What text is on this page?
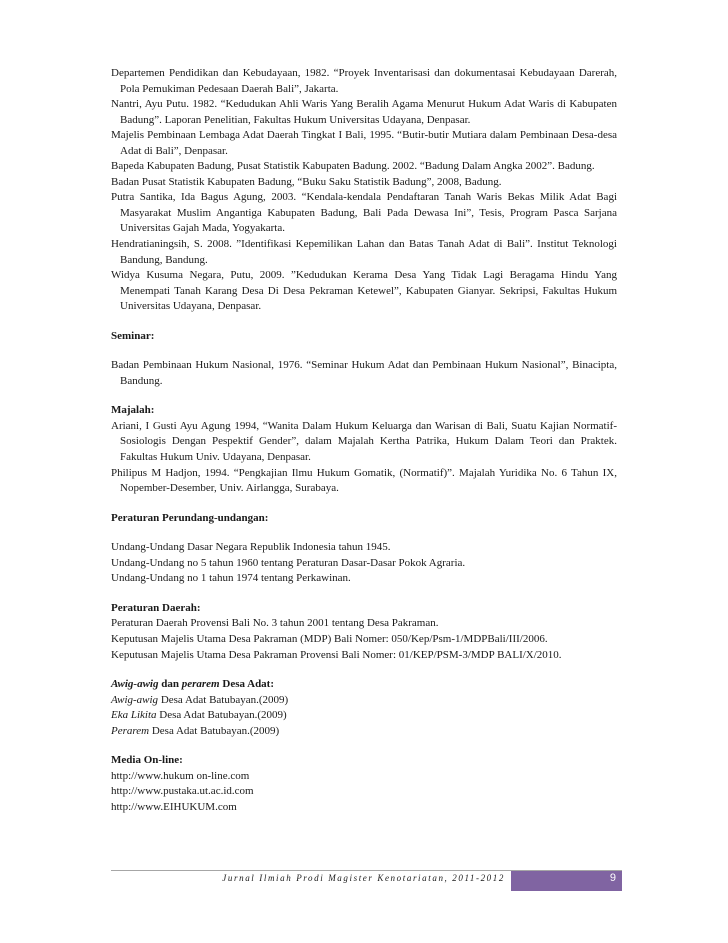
Departemen Pendidikan dan Kebudayaan, 1982. “Proyek Inventarisasi dan dokumentasai Kebudayaan Darerah, Pola Pemukiman Pedesaan Daerah Bali”, Jakarta.

Nantri, Ayu Putu. 1982. “Kedudukan Ahli Waris Yang Beralih Agama Menurut Hukum Adat Waris di Kabupaten Badung”. Laporan Penelitian, Fakultas Hukum Universitas Udayana, Denpasar.

Majelis Pembinaan Lembaga Adat Daerah Tingkat I Bali, 1995. “Butir-butir Mutiara dalam Pembinaan Desa-desa Adat di Bali”, Denpasar.

Bapeda Kabupaten Badung, Pusat Statistik Kabupaten Badung. 2002. “Badung Dalam Angka 2002”. Badung.

Badan Pusat Statistik Kabupaten Badung, “Buku Saku Statistik Badung”, 2008, Badung.

Putra Santika, Ida Bagus Agung, 2003. “Kendala-kendala Pendaftaran Tanah Waris Bekas Milik Adat Bagi Masyarakat Muslim Angantiga Kabupaten Badung, Bali Pada Dewasa Ini”, Tesis, Program Pasca Sarjana Universitas Gajah Mada, Yogyakarta.

Hendratianingsih, S. 2008. ”Identifikasi Kepemilikan Lahan dan Batas Tanah Adat di Bali”. Institut Teknologi Bandung, Bandung.

Widya Kusuma Negara, Putu, 2009. ”Kedudukan Kerama Desa Yang Tidak Lagi Beragama Hindu Yang Menempati Tanah Karang Desa Di Desa Pekraman Ketewel”, Kabupaten Gianyar. Sekripsi, Fakultas Hukum Universitas Udayana, Denpasar.

Seminar:

Badan Pembinaan Hukum Nasional, 1976. “Seminar Hukum Adat dan Pembinaan Hukum Nasional”, Binacipta, Bandung.

Majalah:

Ariani, I Gusti Ayu Agung 1994, “Wanita Dalam Hukum Keluarga dan Warisan di Bali, Suatu Kajian Normatif-Sosiologis Dengan Pespektif Gender”, dalam Majalah Kertha Patrika, Hukum Dalam Teori dan Praktek. Fakultas Hukum Univ. Udayana, Denpasar.

Philipus M Hadjon, 1994. “Pengkajian Ilmu Hukum Gomatik, (Normatif)”. Majalah Yuridika No. 6 Tahun IX, Nopember-Desember, Univ. Airlangga, Surabaya.

Peraturan Perundang-undangan:

Undang-Undang Dasar Negara Republik Indonesia tahun 1945.

Undang-Undang no 5 tahun 1960 tentang Peraturan Dasar-Dasar Pokok Agraria.

Undang-Undang no 1 tahun 1974 tentang Perkawinan.

Peraturan Daerah:

Peraturan Daerah Provensi Bali No. 3 tahun 2001 tentang Desa Pakraman.

Keputusan Majelis Utama Desa Pakraman (MDP) Bali Nomer: 050/Kep/Psm-1/MDPBali/III/2006.

Keputusan Majelis Utama Desa Pakraman Provensi Bali Nomer: 01/KEP/PSM-3/MDP BALI/X/2010.

Awig-awig dan perarem Desa Adat:

Awig-awig Desa Adat Batubayan.(2009)

Eka Likita Desa Adat Batubayan.(2009)

Perarem Desa Adat Batubayan.(2009)

Media On-line:

http://www.hukum on-line.com

http://www.pustaka.ut.ac.id.com

http://www.EIHUKUM.com

Jurnal Ilmiah Prodi Magister Kenotariatan, 2011-2012	9
